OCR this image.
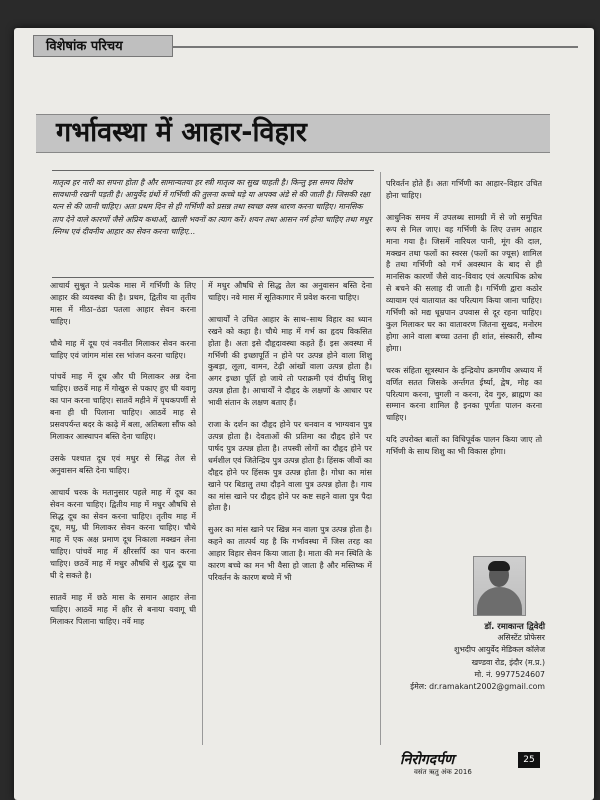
विशेषांक परिचय
गर्भावस्था में आहार-विहार
मातृत्व हर नारी का सपना होता है और सामान्यतया हर स्त्री मातृत्व का सुख चाहती है। किन्तु इस समय विशेष सावधानी रखनी पड़ती है। आयुर्वेद ग्रंथों में गर्भिणी की तुलना कच्चे घड़े या अपक्व अंडे से की जाती है। जिसकी रक्षा यत्न से की जानी चाहिए। अतः प्रथम दिन से ही गर्भिणी को प्रसन्न तथा स्वच्छ वस्त्र धारण करना चाहिए। मानसिक ताप देने वाले कारणों जैसे अप्रिय कथाओं, खाली भवनों का त्याग करें। शयन तथा आसन नर्म होना चाहिए तथा मधुर स्निग्ध एवं दीवनीय आहार का सेवन करना चाहिए...

आचार्य सुश्रुत ने प्रत्येक मास में गर्भिणी के लिए आहार की व्यवस्था की है। प्रथम, द्वितीय या तृतीय मास में मीठा–ठंडा पतला आहार सेवन करना चाहिए।

चौथे माह में दूध एवं नवनीत मिलाकर सेवन करना चाहिए एवं जांगम मांस रस भांजन करना चाहिए।

पांचवें माह में दूध और घी मिलाकर अन्न देना चाहिए। छठवें माह में गोखुरु से पकाए हुए घी यवागू का पान करना चाहिए। सातवें महीने में पृथकपर्णी से बना ही घी पिलाना चाहिए। आठवें माह से प्रसवपर्यन्त बदर के काढ़े में बला, अतिबला सौंफ को मिलाकर आस्थापन बस्ति देना चाहिए।

उसके पश्चात दूध एवं मधुर से सिद्ध तेल से अनुवासन बस्ति देना चाहिए।

आचार्य चरक के मतानुसार पहले माह में दूध का सेवन करना चाहिए। द्वितीय माह में मधुर औषधि से सिद्ध दूध का सेवन करना चाहिए। तृतीय माह में दूध, मधु, घी मिलाकर सेवन करना चाहिए। चौथे माह में एक अक्ष प्रमाण दूध निकाला मक्खन लेना चाहिए। पांचवें माह में क्षीरसर्पि का पान करना चाहिए। छठवें माह में मधुर औषधि से शुद्ध दूध या घी दे सकते है।

सातवें माह में छठे मास के समान आहार लेना चाहिए। आठवें माह में क्षीर से बनाया यवागू घी मिलाकर पिलाना चाहिए। नवें माह

में मधुर औषधि से सिद्ध तेल का अनुवासन बस्ति देना चाहिए। नवे मास में सूतिकागार में प्रवेश करना चाहिए।

आचार्यों ने उचित आहार के साथ–साथ विहार का ध्यान रखने को कहा है। चौथे माह में गर्भ का हृदय विकसित होता है। अतः इसे दौहृदावस्था कहते हैं। इस अवस्था में गर्भिणी की इच्छापूर्ति न होने पर उत्पन्न होने वाला शिशु कुबड़ा, लूला, वामन, टेढ़ी आंखों वाला उत्पन्न होता है। अगर इच्छा पूर्ति हो जाये तो पराक्रमी एवं दीर्घायु शिशु उत्पन्न होता है। आचार्यों ने दौहृद के लक्षणों के आधार पर भावी संतान के लक्षण बताए हैं।

राजा के दर्शन का दौहृद होने पर धनवान व भाग्यवान पुत्र उत्पन्न होता है। देवताओं की प्रतिमा का दौहृद होने पर पार्षद पुत्र उत्पन्न होता है। तपस्वी लोगों का दौहृद होने पर धर्मशील एवं जितेन्द्रिय पुत्र उत्पन्न होता है। हिंसक जीवों का दौहृद होने पर हिंसक पुत्र उत्पन्न होता है। गोधा का मांस खाने पर बिडालु तथा दौड़ने वाला पुत्र उत्पन्न होता है। गाय का मांस खाने पर दौहृद होने पर कष्ट सहने वाला पुत्र पैदा होता है।

सुअर का मांस खाने पर खिन्न मन वाला पुत्र उत्पन्न होता है। कहने का तात्पर्य यह है कि गर्भावस्था में जिस तरह का आहार विहार सेवन किया जाता है। माता की मन स्थिति के कारण बच्चे का मन भी वैसा हो जाता है और मस्तिष्क में परिवर्तन के कारण बच्चे में भी

परिवर्तन होते हैं। अतः गर्भिणी का आहार–विहार उचित होना चाहिए।

आधुनिक समय में उपलब्ध सामग्री में से जो समुचित रूप से मिल जाए। वह गर्भिणी के लिए उत्तम आहार माना गया है। जिसमें नारियल पानी, मूंग की दाल, मक्खन तथा फलों का स्वरस (फलों का ज्यूस) शामिल है तथा गर्भिणी को गर्भ अवस्थान के बाद से ही मानसिक कारणों जैसे वाद–विवाद एवं अत्याधिक क्रोध से बचने की सलाह दी जाती है। गर्भिणी द्वारा कठोर व्यायाम एवं यातायात का परित्याग किया जाना चाहिए। गर्भिणी को मद्य धूम्रपान उपवास से दूर रहना चाहिए। कुल मिलाकर घर का वातावरण जितना सुखद, मनोरम होगा आने वाला बच्चा उतना ही शांत, संस्कारी, सौम्य होगा।

चरक संहिता सूत्रस्थान के इन्द्रियोप क्रमणीय अध्याय में वर्णित सतत जिसके अर्न्तगत ईर्ष्या, द्वेष, मोह का परित्याग करना, चुगली न करना, देव गुरु, ब्राह्मण का सम्मान करना शामिल है इनका पूर्णतः पालन करना चाहिए।

यदि उपरोक्त बातों का विधिपूर्वक पालन किया जाए तो गर्भिणी के साथ शिशु का भी विकास होगा।

डॉ. रमाकान्त द्विवेदी
असिस्टेंट प्रोफेसर
शुभदीप आयुर्वेद मेडिकल कॉलेज
खण्डवा रोड, इंदौर (म.प्र.)
मो. नं. 9977524607
ईमेल: dr.ramakant2002@gmail.com
निरोगदर्पण
वसंत ऋतु अंक 2016
25
